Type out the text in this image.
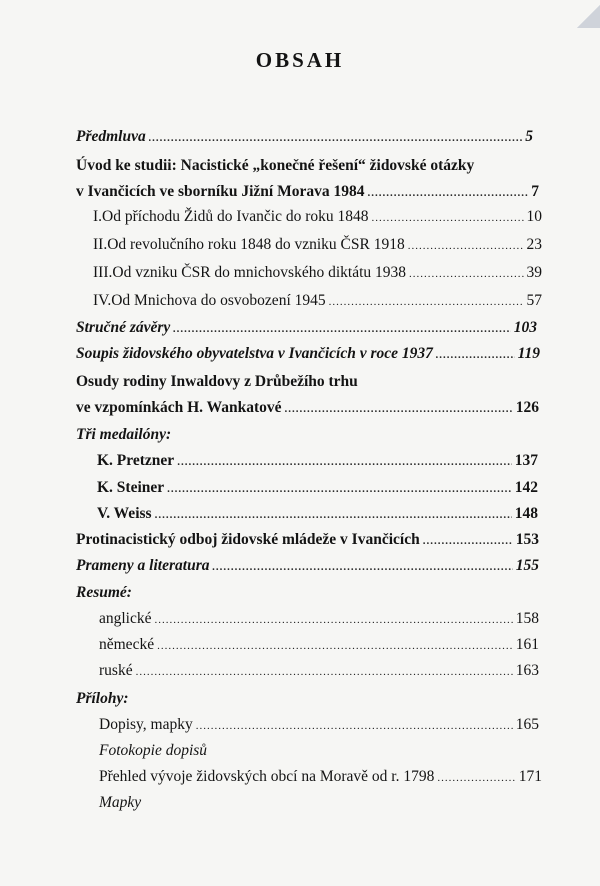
OBSAH
Předmluva .....	5
Úvod ke studii: Nacistické „konečné řešení“ židovské otázky
v Ivančicích ve sborníku Jižní Morava 1984 .....	7
I. Od příchodu Židů do Ivančic do roku 1848 .....	10
II. Od revolučního roku 1848 do vzniku ČSR 1918 .....	23
III. Od vzniku ČSR do mnichovského diktátu 1938 .....	39
IV. Od Mnichova do osvobození 1945 .....	57
Stručné závěry .....	103
Soupis židovského obyvatelstva v Ivančicích v roce 1937 .....	119
Osudy rodiny Inwaldovy z Drůbežího trhu
ve vzpomínkách H. Wankatové .....	126
Tři medailóny:
K. Pretzner .....	137
K. Steiner .....	142
V. Weiss .....	148
Protinacistický odboj židovské mládeže v Ivančicích .....	153
Prameny a literatura .....	155
Resumé:
anglické .....	158
německé .....	161
ruské .....	163
Přílohy:
Dopisy, mapky .....	165
Fotokopie dopisů
Přehled vývoje židovských obcí na Moravě od r. 1798 .....	171
Mapky
